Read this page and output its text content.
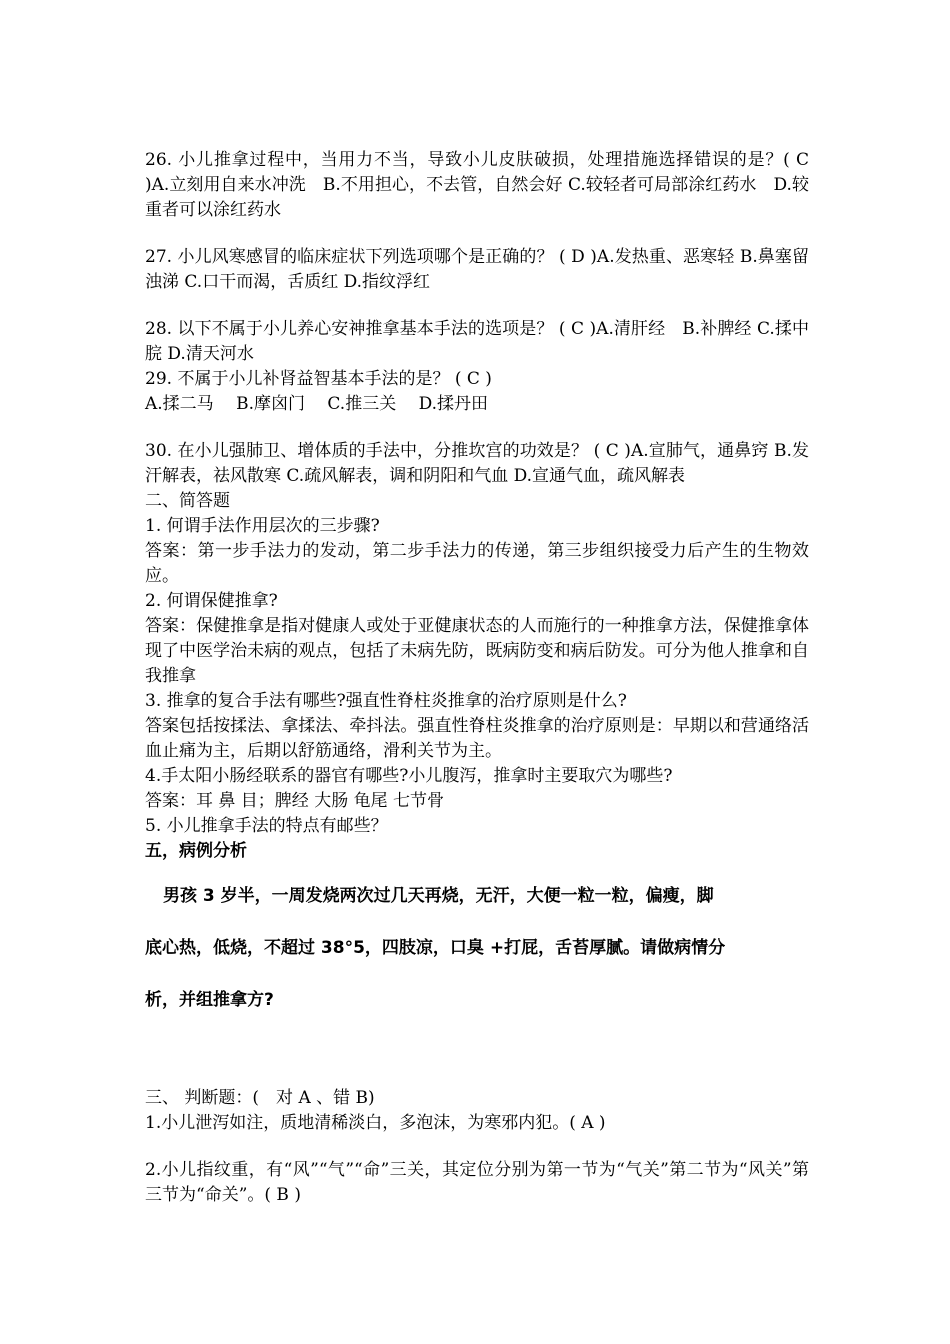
26. 小儿推拿过程中，当用力不当，导致小儿皮肤破损，处理措施选择错误的是？( C )A.立刻用自来水冲洗　B.不用担心，不去管，自然会好 C.较轻者可局部涂红药水　D.较重者可以涂红药水

27. 小儿风寒感冒的临床症状下列选项哪个是正确的？ ( D )A.发热重、恶寒轻 B.鼻塞留浊涕 C.口干而渴，舌质红 D.指纹浮红

28. 以下不属于小儿养心安神推拿基本手法的选项是？ ( C )A.清肝经　B.补脾经 C.揉中脘 D.清天河水

29. 不属于小儿补肾益智基本手法的是？ ( C )

A.揉二马　 B.摩囟门　 C.推三关　 D.揉丹田

30. 在小儿强肺卫、增体质的手法中，分推坎宫的功效是？ ( C )A.宣肺气，通鼻窍 B.发汗解表，祛风散寒 C.疏风解表，调和阴阳和气血 D.宣通气血，疏风解表

二、简答题

1. 何谓手法作用层次的三步骤?

答案：第一步手法力的发动，第二步手法力的传递，第三步组织接受力后产生的生物效应。

2. 何谓保健推拿?

答案：保健推拿是指对健康人或处于亚健康状态的人而施行的一种推拿方法，保健推拿体现了中医学治未病的观点，包括了未病先防，既病防变和病后防发。可分为他人推拿和自我推拿

3. 推拿的复合手法有哪些?强直性脊柱炎推拿的治疗原则是什么?

答案包括按揉法、拿揉法、牵抖法。强直性脊柱炎推拿的治疗原则是：早期以和营通络活血止痛为主，后期以舒筋通络，滑利关节为主。

4.手太阳小肠经联系的器官有哪些?小儿腹泻，推拿时主要取穴为哪些?

答案：耳 鼻 目；脾经 大肠 龟尾 七节骨

5. 小儿推拿手法的特点有邮些？

五，病例分析

男孩 3 岁半，一周发烧两次过几天再烧，无汗，大便一粒一粒，偏瘦，脚
底心热，低烧，不超过 38°5，四肢凉，口臭 +打屁，舌苔厚腻。请做病情分
析，并组推拿方?

三、 判断题：(　对 A 、错 B)

1.小儿泄泻如注，质地清稀淡白，多泡沫，为寒邪内犯。( A )

2.小儿指纹重，有“风”“气”“命”三关，其定位分别为第一节为“气关”第二节为“风关”第三节为“命关”。( B )
